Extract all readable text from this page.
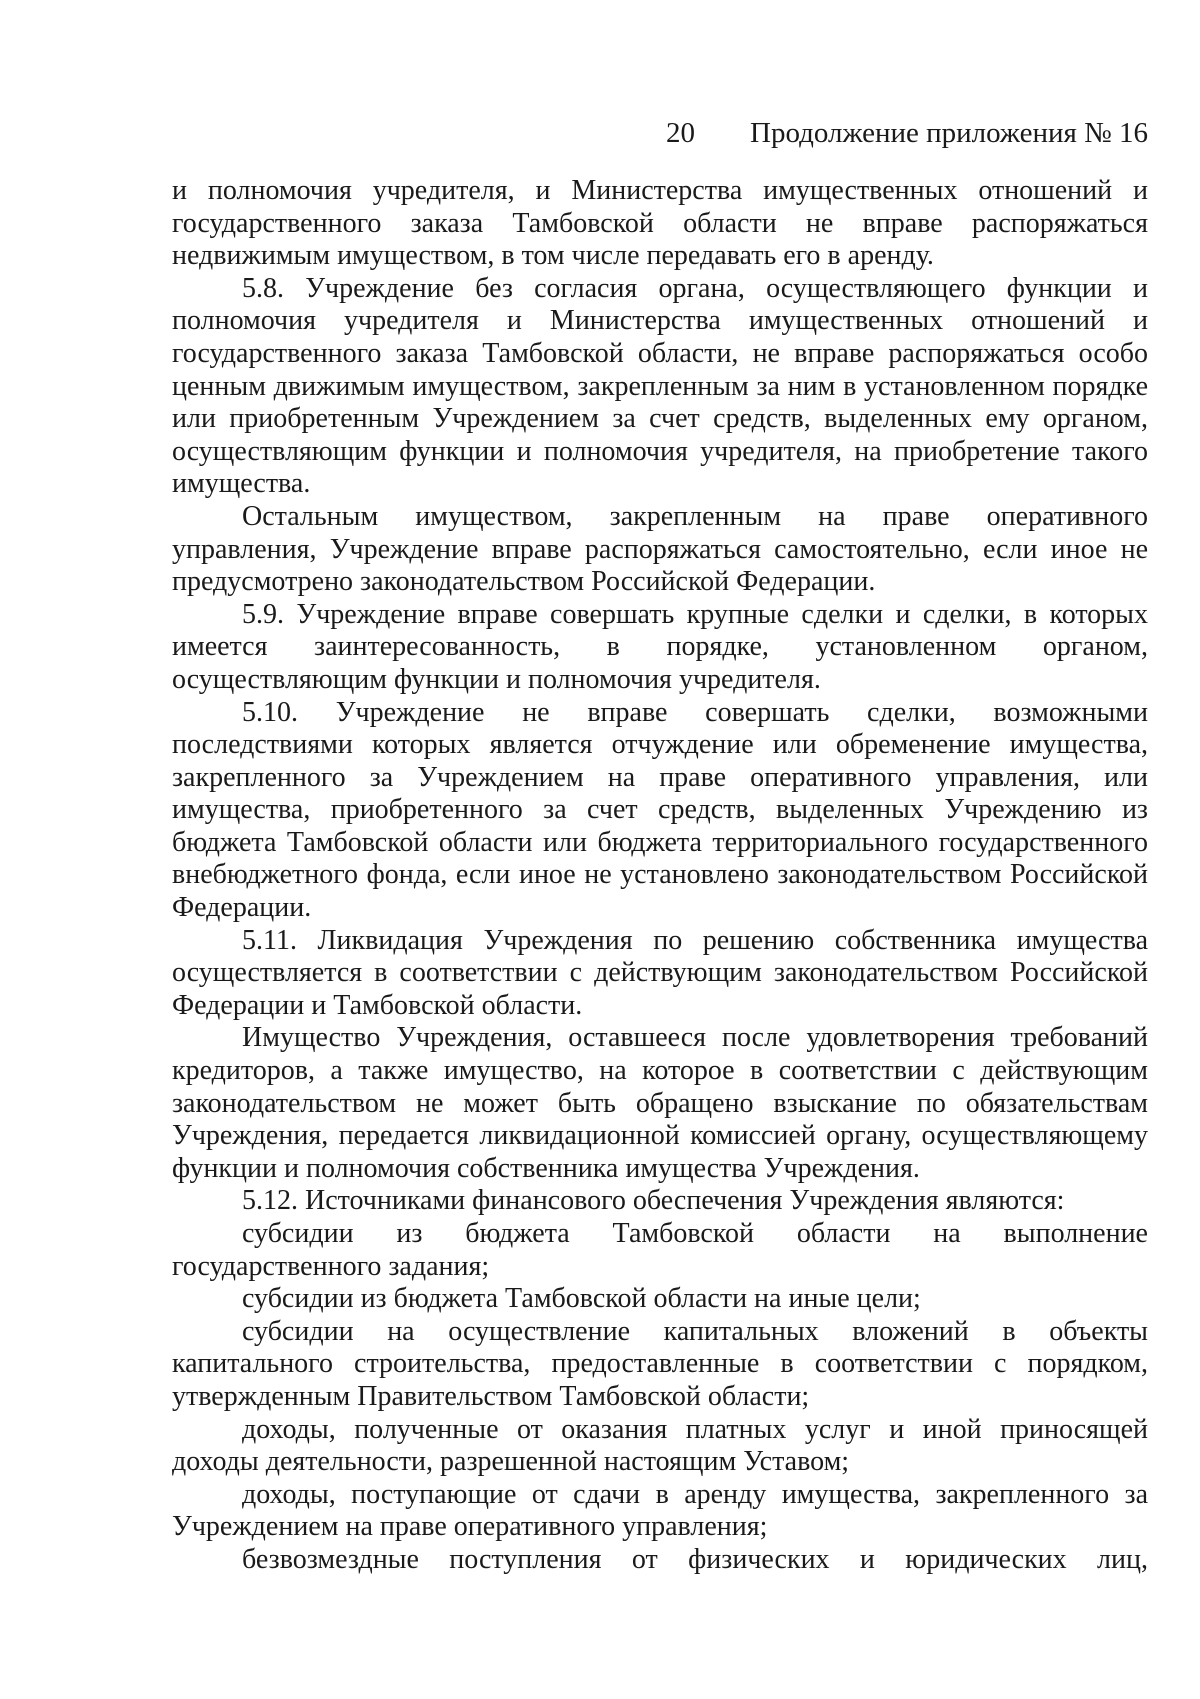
20 Продолжение приложения № 16

и полномочия учредителя, и Министерства имущественных отношений и государственного заказа Тамбовской области не вправе распоряжаться недвижимым имуществом, в том числе передавать его в аренду.

5.8. Учреждение без согласия органа, осуществляющего функции и полномочия учредителя и Министерства имущественных отношений и государственного заказа Тамбовской области, не вправе распоряжаться особо ценным движимым имуществом, закрепленным за ним в установленном порядке или приобретенным Учреждением за счет средств, выделенных ему органом, осуществляющим функции и полномочия учредителя, на приобретение такого имущества.

Остальным имуществом, закрепленным на праве оперативного управления, Учреждение вправе распоряжаться самостоятельно, если иное не предусмотрено законодательством Российской Федерации.

5.9. Учреждение вправе совершать крупные сделки и сделки, в которых имеется заинтересованность, в порядке, установленном органом, осуществляющим функции и полномочия учредителя.

5.10. Учреждение не вправе совершать сделки, возможными последствиями которых является отчуждение или обременение имущества, закрепленного за Учреждением на праве оперативного управления, или имущества, приобретенного за счет средств, выделенных Учреждению из бюджета Тамбовской области или бюджета территориального государственного внебюджетного фонда, если иное не установлено законодательством Российской Федерации.

5.11. Ликвидация Учреждения по решению собственника имущества осуществляется в соответствии с действующим законодательством Российской Федерации и Тамбовской области.

Имущество Учреждения, оставшееся после удовлетворения требований кредиторов, а также имущество, на которое в соответствии с действующим законодательством не может быть обращено взыскание по обязательствам Учреждения, передается ликвидационной комиссией органу, осуществляющему функции и полномочия собственника имущества Учреждения.

5.12. Источниками финансового обеспечения Учреждения являются:

субсидии из бюджета Тамбовской области на выполнение государственного задания;

субсидии из бюджета Тамбовской области на иные цели;

субсидии на осуществление капитальных вложений в объекты капитального строительства, предоставленные в соответствии с порядком, утвержденным Правительством Тамбовской области;

доходы, полученные от оказания платных услуг и иной приносящей доходы деятельности, разрешенной настоящим Уставом;

доходы, поступающие от сдачи в аренду имущества, закрепленного за Учреждением на праве оперативного управления;

безвозмездные поступления от физических и юридических лиц,
